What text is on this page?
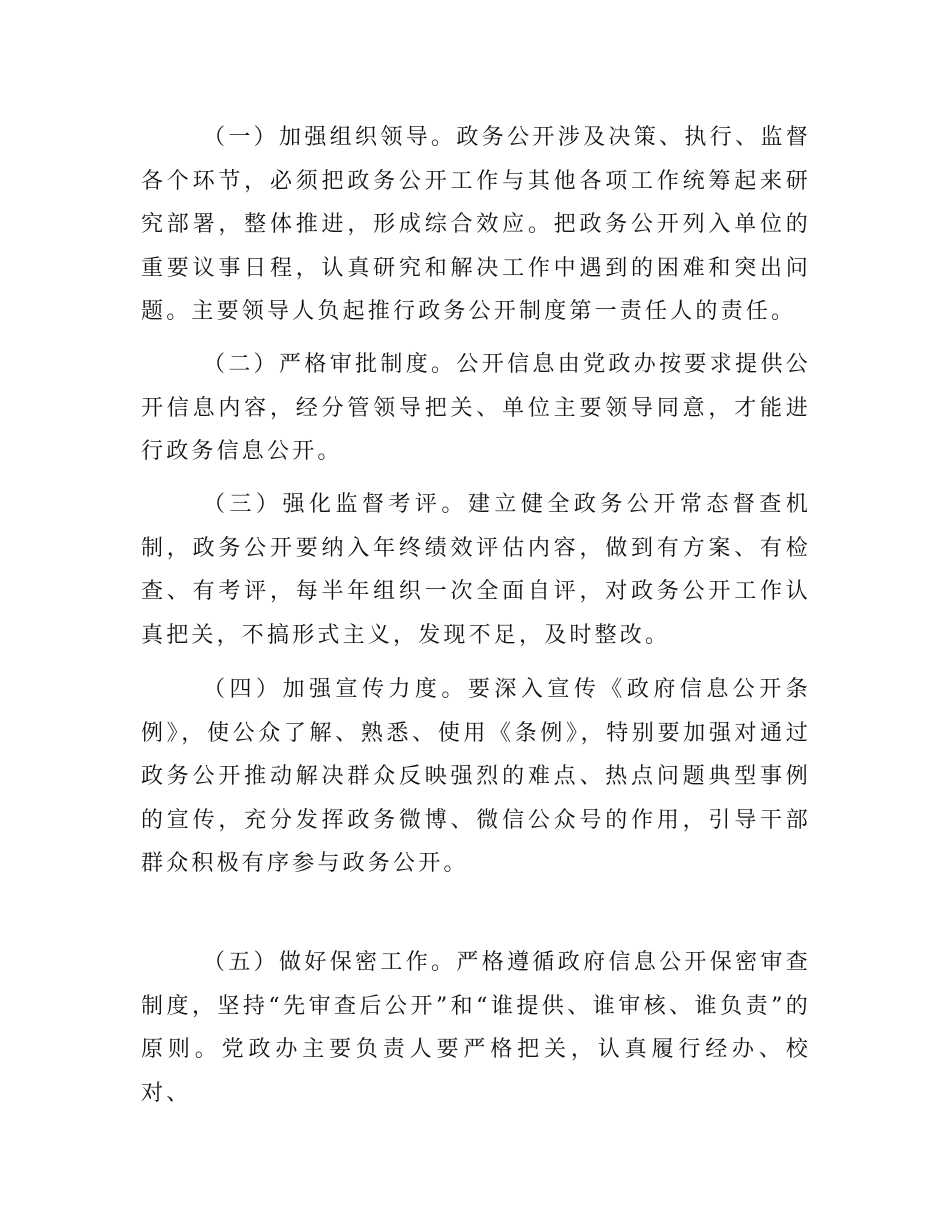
（一）加强组织领导。政务公开涉及决策、执行、监督各个环节，必须把政务公开工作与其他各项工作统筹起来研究部署，整体推进，形成综合效应。把政务公开列入单位的重要议事日程，认真研究和解决工作中遇到的困难和突出问题。主要领导人负起推行政务公开制度第一责任人的责任。

（二）严格审批制度。公开信息由党政办按要求提供公开信息内容，经分管领导把关、单位主要领导同意，才能进行政务信息公开。

（三）强化监督考评。建立健全政务公开常态督查机制，政务公开要纳入年终绩效评估内容，做到有方案、有检查、有考评，每半年组织一次全面自评，对政务公开工作认真把关，不搞形式主义，发现不足，及时整改。

（四）加强宣传力度。要深入宣传《政府信息公开条例》，使公众了解、熟悉、使用《条例》，特别要加强对通过政务公开推动解决群众反映强烈的难点、热点问题典型事例的宣传，充分发挥政务微博、微信公众号的作用，引导干部群众积极有序参与政务公开。

（五）做好保密工作。严格遵循政府信息公开保密审查制度，坚持“先审查后公开”和“谁提供、谁审核、谁负责”的原则。党政办主要负责人要严格把关，认真履行经办、校对、
